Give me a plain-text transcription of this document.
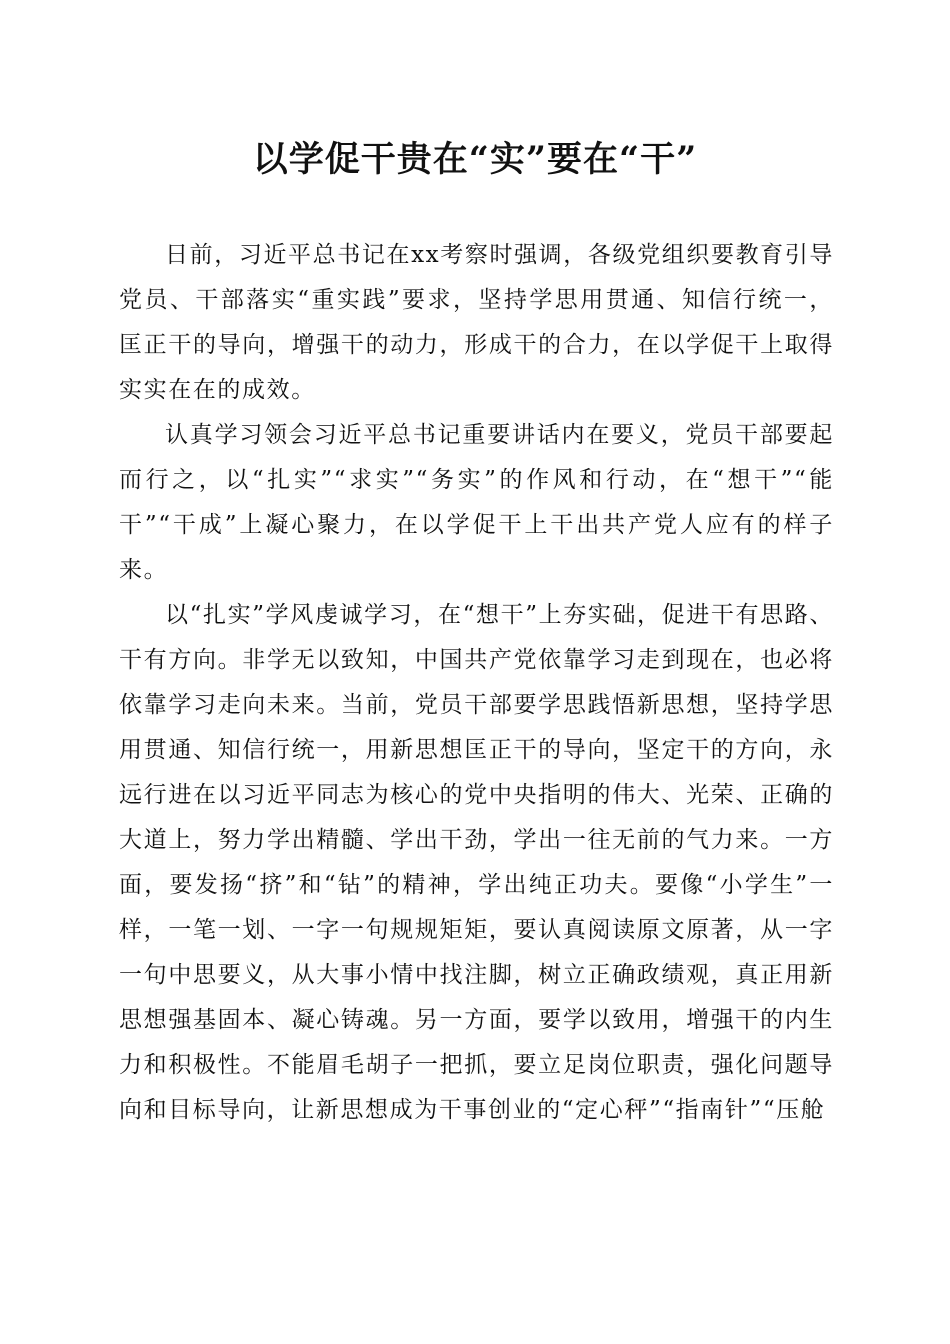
以学促干贵在“实”要在“干”

日前，习近平总书记在xx考察时强调，各级党组织要教育引导党员、干部落实“重实践”要求，坚持学思用贯通、知信行统一，匡正干的导向，增强干的动力，形成干的合力，在以学促干上取得实实在在的成效。

认真学习领会习近平总书记重要讲话内在要义，党员干部要起而行之，以“扎实”“求实”“务实”的作风和行动，在“想干”“能干”“干成”上凝心聚力，在以学促干上干出共产党人应有的样子来。

以“扎实”学风虔诚学习，在“想干”上夯实础，促进干有思路、干有方向。非学无以致知，中国共产党依靠学习走到现在，也必将依靠学习走向未来。当前，党员干部要学思践悟新思想，坚持学思用贯通、知信行统一，用新思想匡正干的导向，坚定干的方向，永远行进在以习近平同志为核心的党中央指明的伟大、光荣、正确的大道上，努力学出精髓、学出干劲，学出一往无前的气力来。一方面，要发扬“挤”和“钻”的精神，学出纯正功夫。要像“小学生”一样，一笔一划、一字一句规规矩矩，要认真阅读原文原著，从一字一句中思要义，从大事小情中找注脚，树立正确政绩观，真正用新思想强基固本、凝心铸魂。另一方面，要学以致用，增强干的内生力和积极性。不能眉毛胡子一把抓，要立足岗位职责，强化问题导向和目标导向，让新思想成为干事创业的“定心秤”“指南针”“压舱
